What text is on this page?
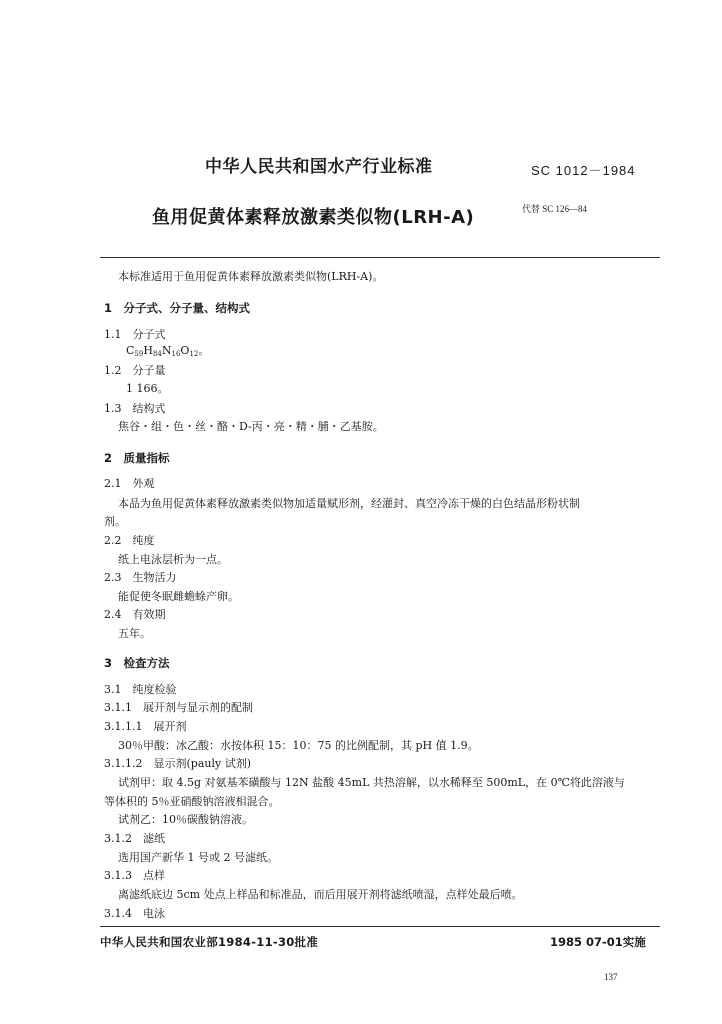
中华人民共和国水产行业标准	SC 1012－1984
鱼用促黄体素释放激素类似物(LRH-A)	代替 SC 126—84
本标准适用于鱼用促黄体素释放激素类似物(LRH-A)。
1　分子式、分子量、结构式
1.1　分子式
$C_{59}H_{84}N_{16}O_{12}$。
1.2　分子量
1 166。
1.3　结构式
焦谷・组・色・丝・酪・D-丙・亮・精・脯・乙基胺。
2　质量指标
2.1　外观
本品为鱼用促黄体素释放激素类似物加适量赋形剂，经灌封、真空冷冻干燥的白色结晶形粉状制
剂。
2.2　纯度
纸上电泳层析为一点。
2.3　生物活力
能促使冬眠雌蟾蜍产卵。
2.4　有效期
五年。
3　检查方法
3.1　纯度检验
3.1.1　展开剂与显示剂的配制
3.1.1.1　展开剂
30％甲酸：冰乙酸：水按体积 15：10：75 的比例配制，其 pH 值 1.9。
3.1.1.2　显示剂(pauly 试剂)
试剂甲：取 4.5g 对氨基苯磺酸与 12N 盐酸 45mL 共热溶解，以水稀释至 500mL，在 0℃将此溶液与
等体积的 5％亚硝酸钠溶液相混合。
试剂乙：10％碳酸钠溶液。
3.1.2　滤纸
选用国产新华 1 号或 2 号滤纸。
3.1.3　点样
离滤纸底边 5cm 处点上样品和标准品，而后用展开剂将滤纸喷湿，点样处最后喷。
3.1.4　电泳
中华人民共和国农业部1984-11-30批准	1985 07-01实施
137
